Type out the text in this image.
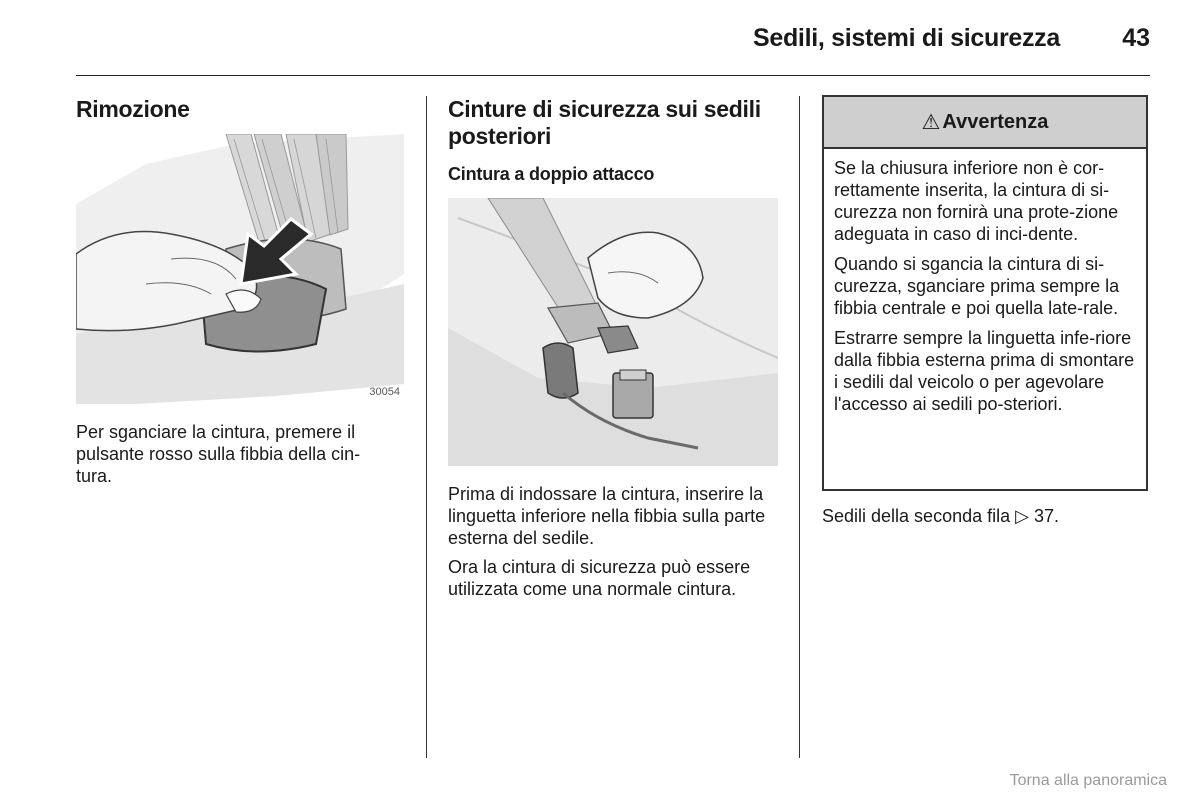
Sedili, sistemi di sicurezza	43
Rimozione
30054

Per sganciare la cintura, premere il pulsante rosso sulla fibbia della cin-tura.

Cinture di sicurezza sui sedili posteriori
Cintura a doppio attacco

Prima di indossare la cintura, inserire la linguetta inferiore nella fibbia sulla parte esterna del sedile.

Ora la cintura di sicurezza può essere utilizzata come una normale cintura.

⚠ Avvertenza

Se la chiusura inferiore non è cor-rettamente inserita, la cintura di si-curezza non fornirà una prote-zione adeguata in caso di inci-dente.

Quando si sgancia la cintura di si-curezza, sganciare prima sempre la fibbia centrale e poi quella late-rale.

Estrarre sempre la linguetta infe-riore dalla fibbia esterna prima di smontare i sedili dal veicolo o per agevolare l'accesso ai sedili po-steriori.

Sedili della seconda fila ▷ 37.
Torna alla panoramica
